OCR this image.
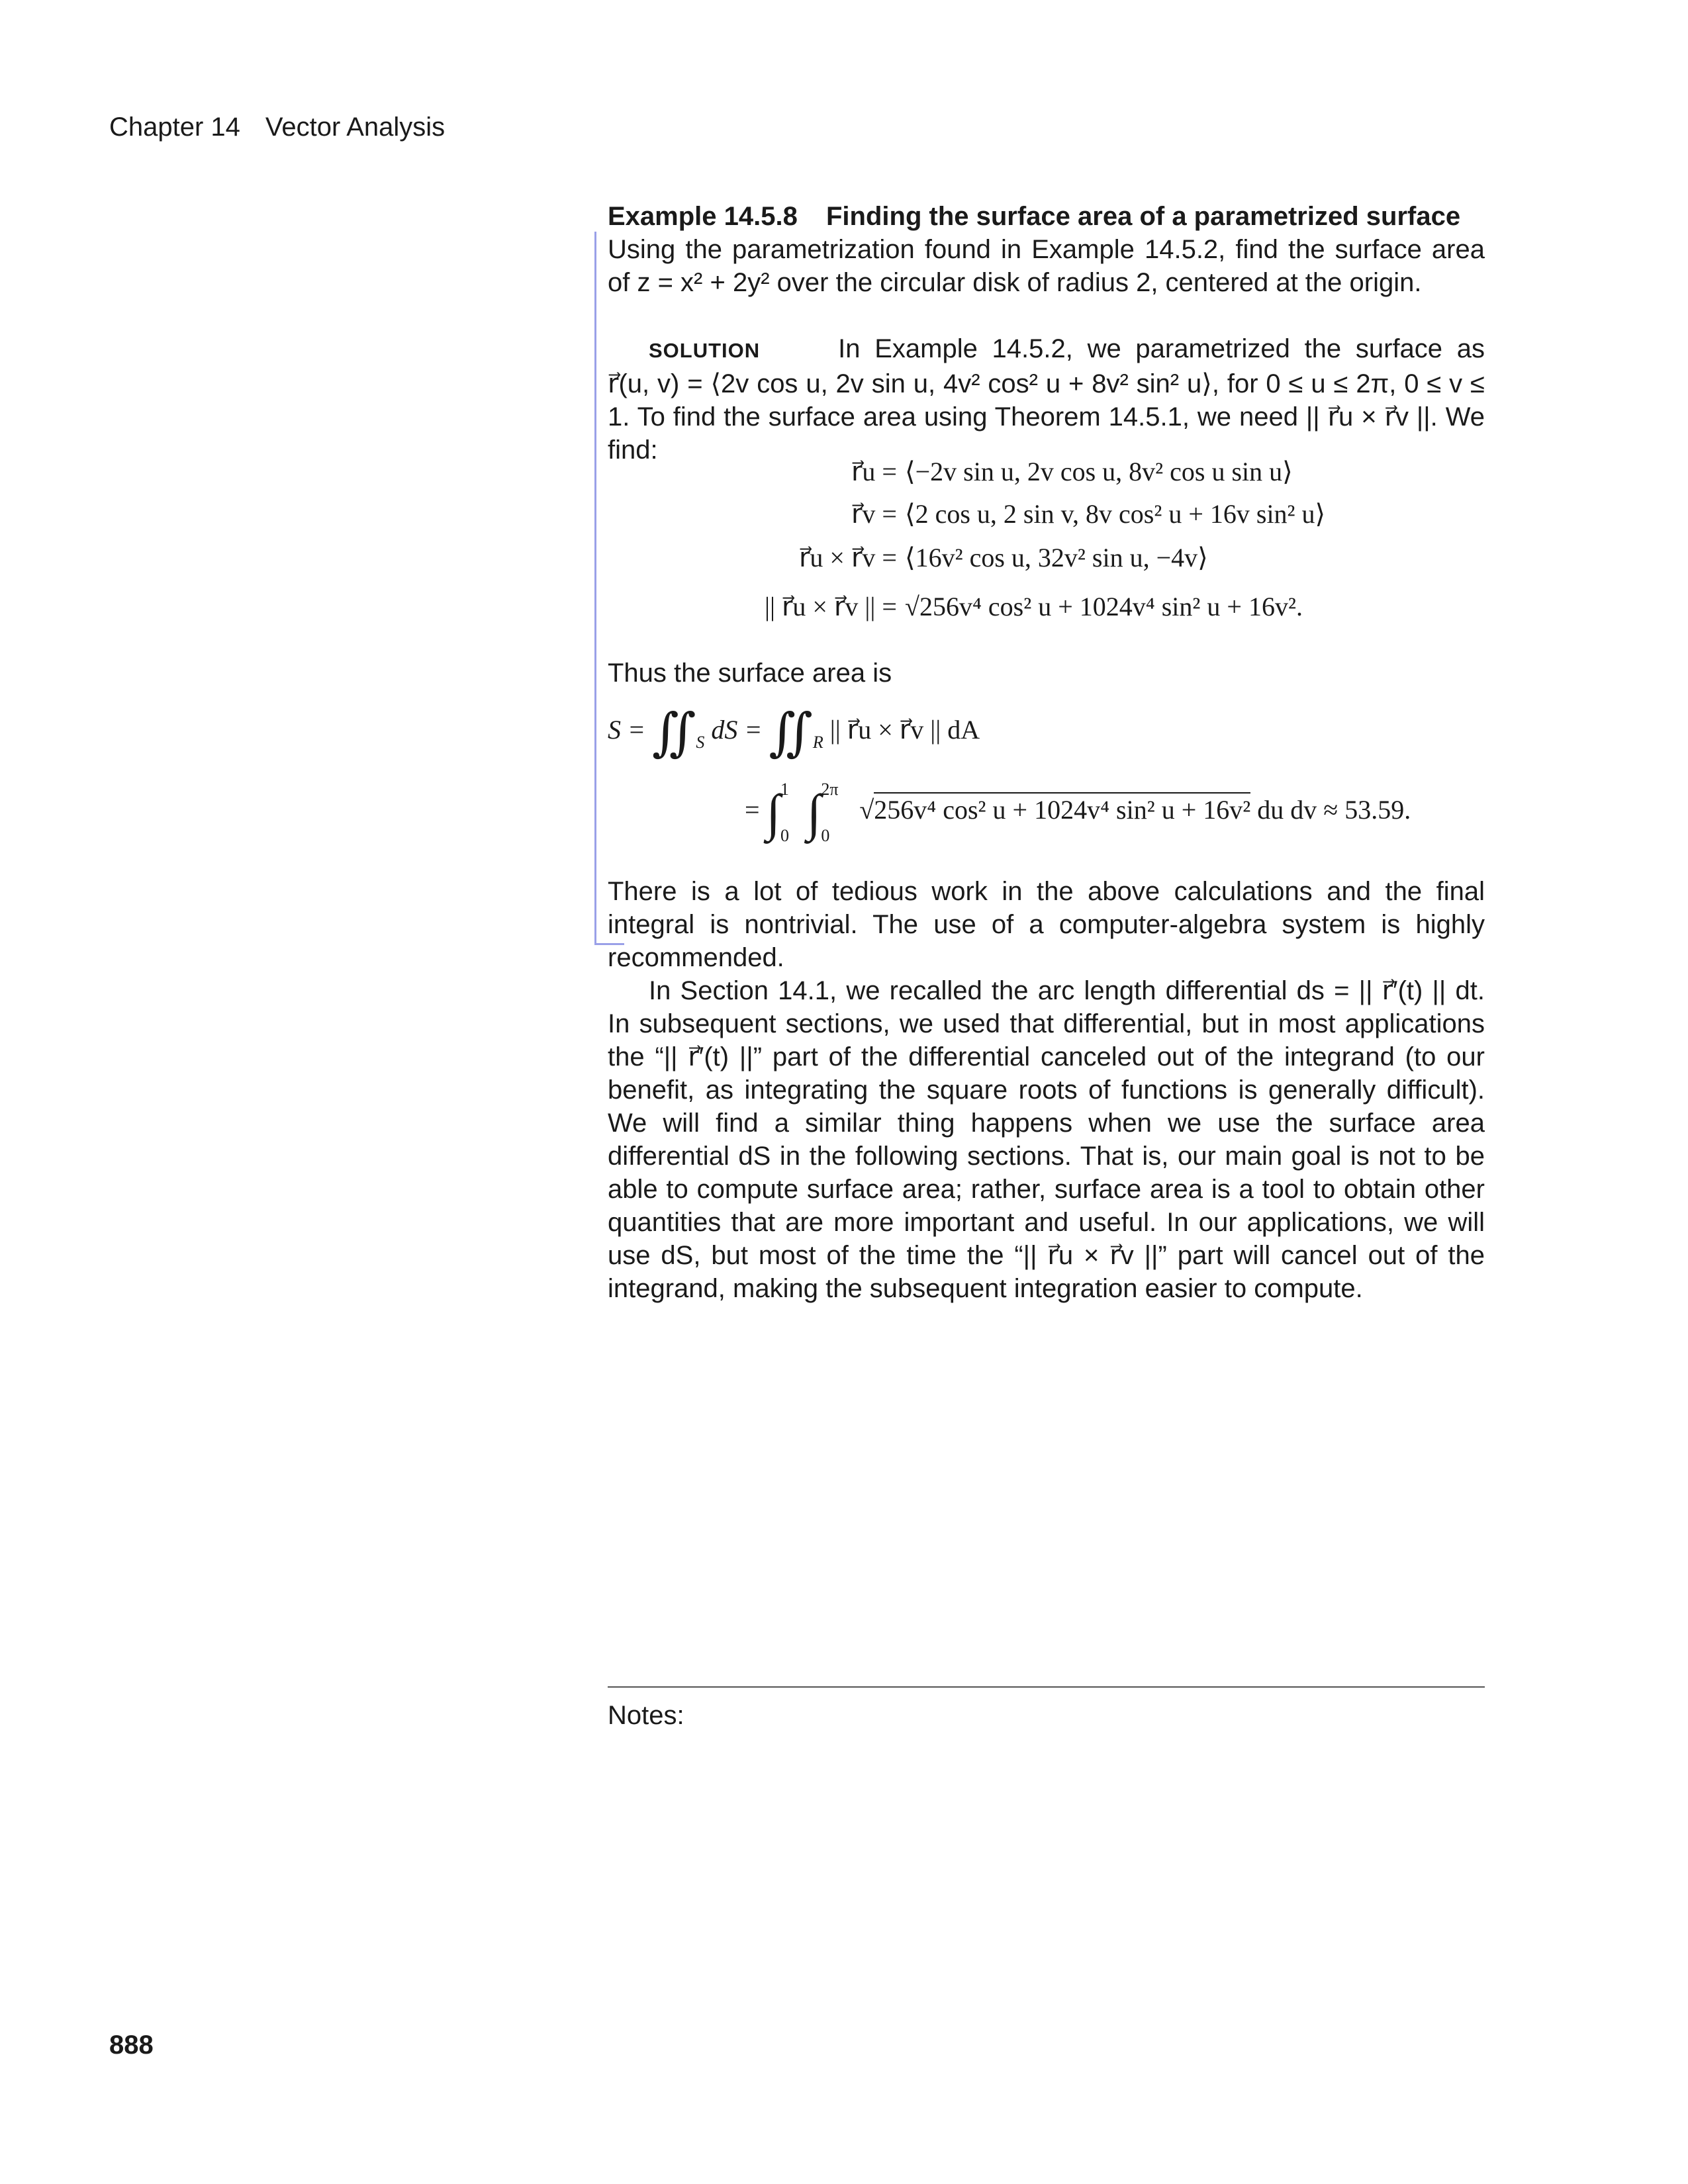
Chapter 14 Vector Analysis
Example 14.5.8 Finding the surface area of a parametrized surface
Using the parametrization found in Example 14.5.2, find the surface area of z = x² + 2y² over the circular disk of radius 2, centered at the origin.
SOLUTION	In Example 14.5.2, we parametrized the surface as r⃗(u, v) = ⟨2v cos u, 2v sin u, 4v² cos² u + 8v² sin² u⟩, for 0 ≤ u ≤ 2π, 0 ≤ v ≤ 1. To find the surface area using Theorem 14.5.1, we need || r⃗u × r⃗v ||. We find:
r⃗u = ⟨−2v sin u, 2v cos u, 8v² cos u sin u⟩
r⃗v = ⟨2 cos u, 2 sin v, 8v cos² u + 16v sin² u⟩
r⃗u × r⃗v = ⟨16v² cos u, 32v² sin u, −4v⟩
|| r⃗u × r⃗v || = √256v⁴ cos² u + 1024v⁴ sin² u + 16v².
Thus the surface area is
$S = ∬_S$ dS = $∬_R$ || r⃗u × r⃗v || dA
= ∫ 1
0 ∫ 2π
0
√256v⁴ cos² u + 1024v⁴ sin² u + 16v² du dv ≈ 53.59.
There is a lot of tedious work in the above calculations and the final integral is nontrivial. The use of a computer-algebra system is highly recommended.
In Section 14.1, we recalled the arc length differential ds = || r⃗′(t) || dt. In subsequent sections, we used that differential, but in most applications the “|| r⃗′(t) ||” part of the differential canceled out of the integrand (to our benefit, as integrating the square roots of functions is generally difficult). We will find a similar thing happens when we use the surface area differential dS in the following sections. That is, our main goal is not to be able to compute surface area; rather, surface area is a tool to obtain other quantities that are more important and useful. In our applications, we will use dS, but most of the time the “|| r⃗u × r⃗v ||” part will cancel out of the integrand, making the subsequent integration easier to compute.
Notes:
888
